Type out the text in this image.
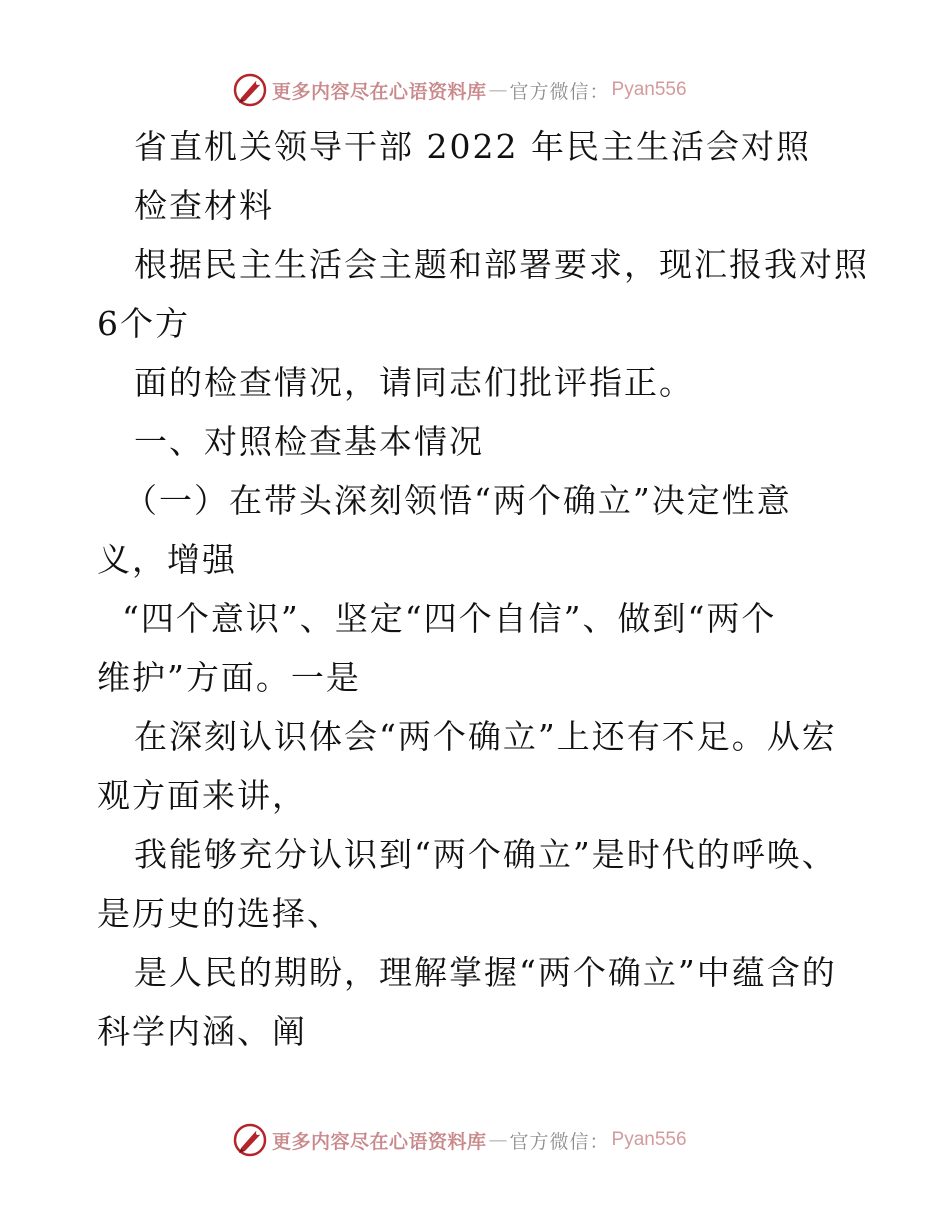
更多内容尽在心语资料库 — 官方微信： Pyan556
省直机关领导干部 2022 年民主生活会对照
检查材料
根据民主生活会主题和部署要求，现汇报我对照
6个方
面的检查情况，请同志们批评指正。
一、对照检查基本情况
（一）在带头深刻领悟“两个确立”决定性意
义，增强
“四个意识”、坚定“四个自信”、做到“两个
维护”方面。一是
在深刻认识体会“两个确立”上还有不足。从宏
观方面来讲，
我能够充分认识到“两个确立”是时代的呼唤、
是历史的选择、
是人民的期盼，理解掌握“两个确立”中蕴含的
科学内涵、阐
更多内容尽在心语资料库 — 官方微信： Pyan556
